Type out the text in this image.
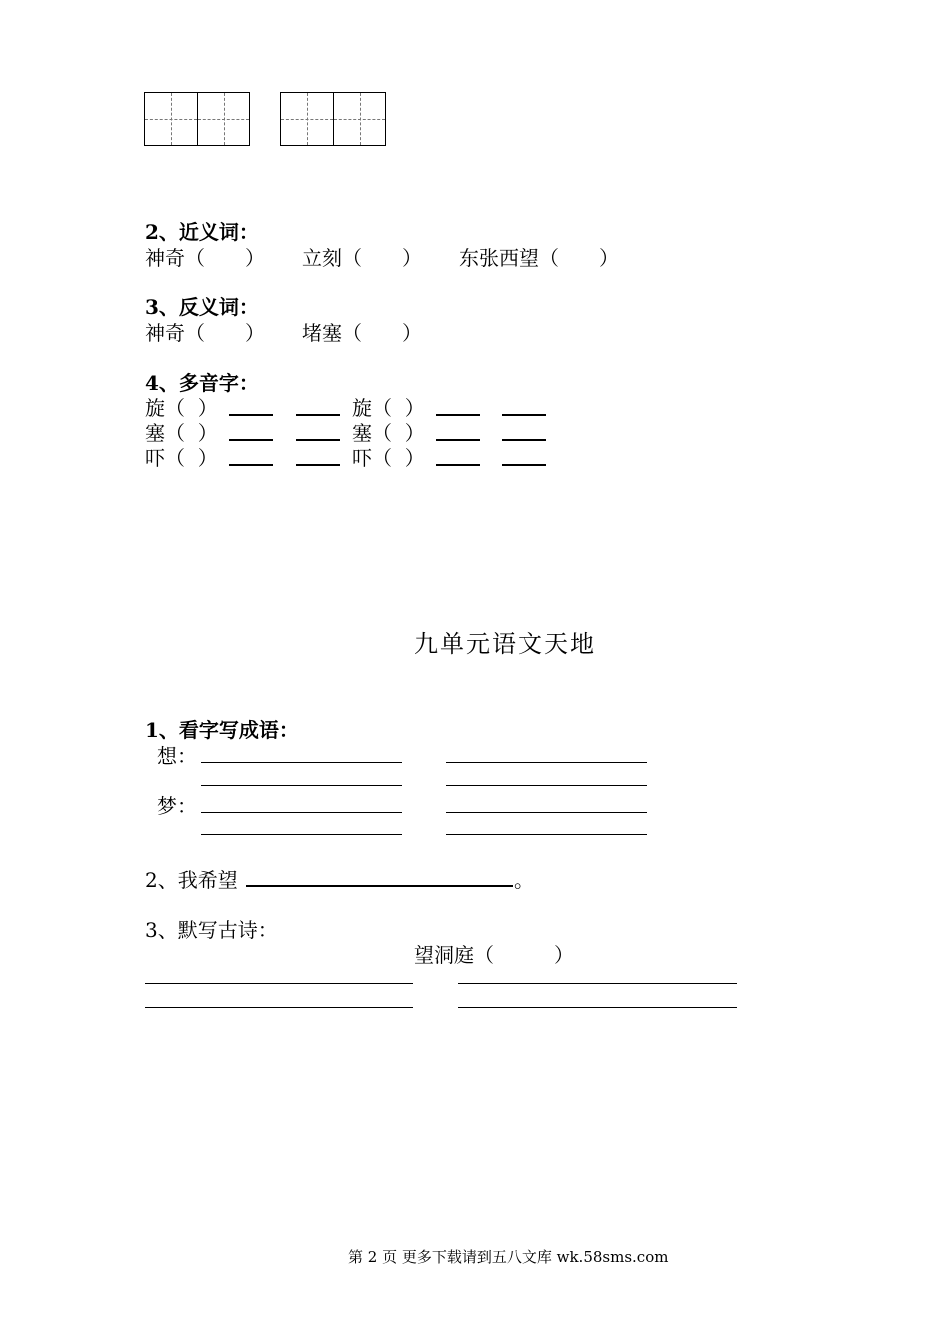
2、近义词：
神奇（　　） 立刻（　　） 东张西望（　　）
3、反义词：
神奇（　　） 堵塞（　　）
4、多音字：
旋（  ）	旋（  ）
塞（  ）	塞（  ）
吓（  ）	吓（  ）
九单元语文天地
1、看字写成语：
想：
梦：
2、我希望	。
3、默写古诗：
望洞庭（　　　）
第 2 页 更多下载请到五八文库 wk.58sms.com
